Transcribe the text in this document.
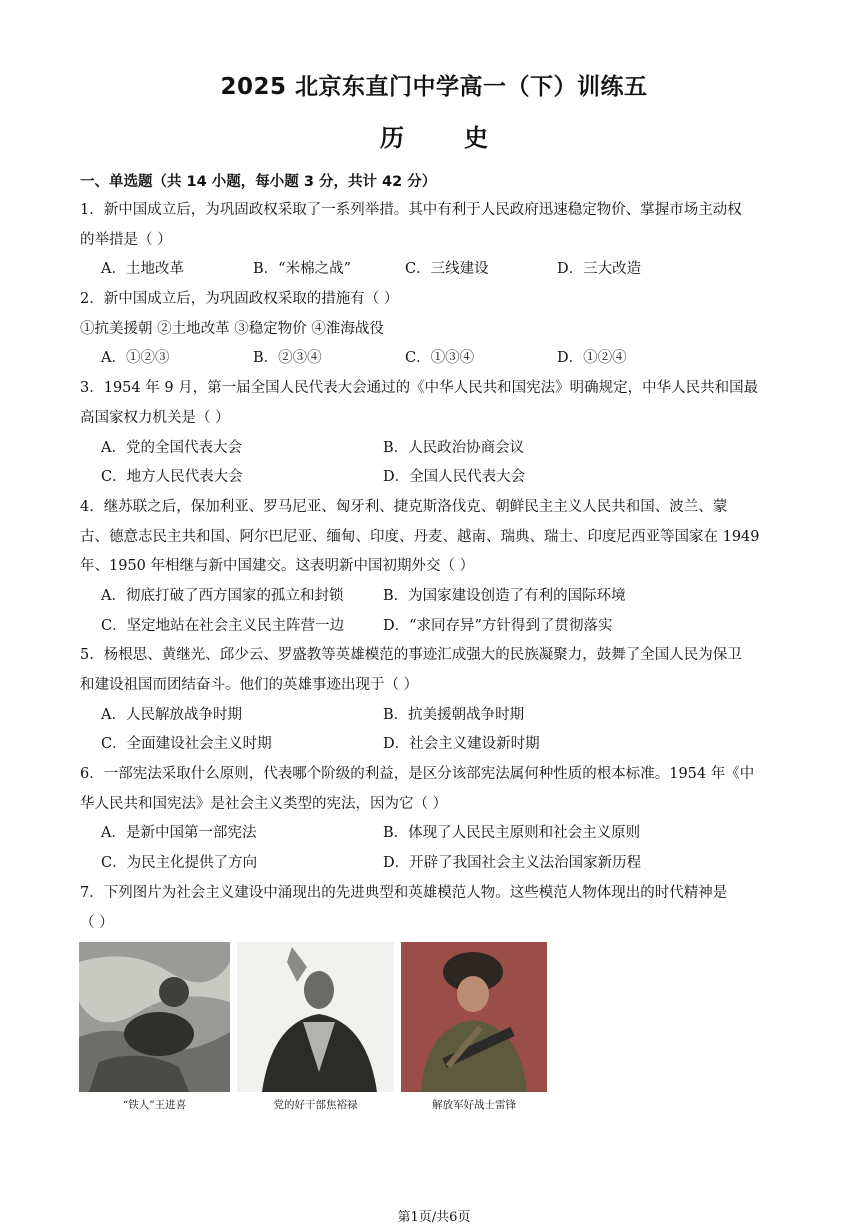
2025 北京东直门中学高一（下）训练五
历史
一、单选题（共 14 小题，每小题 3 分，共计 42 分）
1．新中国成立后，为巩固政权采取了一系列举措。其中有利于人民政府迅速稳定物价、掌握市场主动权
的举措是（ ）
A．土地改革	B．“米棉之战”	C．三线建设	D．三大改造
2．新中国成立后，为巩固政权采取的措施有（ ）
①抗美援朝 ②土地改革 ③稳定物价 ④淮海战役
A．①②③	B．②③④	C．①③④	D．①②④
3．1954 年 9 月，第一届全国人民代表大会通过的《中华人民共和国宪法》明确规定，中华人民共和国最
高国家权力机关是（ ）
A．党的全国代表大会	B．人民政治协商会议
C．地方人民代表大会	D．全国人民代表大会
4．继苏联之后，保加利亚、罗马尼亚、匈牙利、捷克斯洛伐克、朝鲜民主主义人民共和国、波兰、蒙
古、德意志民主共和国、阿尔巴尼亚、缅甸、印度、丹麦、越南、瑞典、瑞士、印度尼西亚等国家在 1949
年、1950 年相继与新中国建交。这表明新中国初期外交（ ）
A．彻底打破了西方国家的孤立和封锁	B．为国家建设创造了有利的国际环境
C．坚定地站在社会主义民主阵营一边	D．“求同存异”方针得到了贯彻落实
5．杨根思、黄继光、邱少云、罗盛教等英雄模范的事迹汇成强大的民族凝聚力，鼓舞了全国人民为保卫
和建设祖国而团结奋斗。他们的英雄事迹出现于（ ）
A．人民解放战争时期	B．抗美援朝战争时期
C．全面建设社会主义时期	D．社会主义建设新时期
6．一部宪法采取什么原则，代表哪个阶级的利益，是区分该部宪法属何种性质的根本标准。1954 年《中
华人民共和国宪法》是社会主义类型的宪法，因为它（ ）
A．是新中国第一部宪法	B．体现了人民民主原则和社会主义原则
C．为民主化提供了方向	D．开辟了我国社会主义法治国家新历程
7．下列图片为社会主义建设中涌现出的先进典型和英雄模范人物。这些模范人物体现出的时代精神是
（ ）
“铁人”王进喜	党的好干部焦裕禄	解放军好战士雷锋
第1页/共6页
